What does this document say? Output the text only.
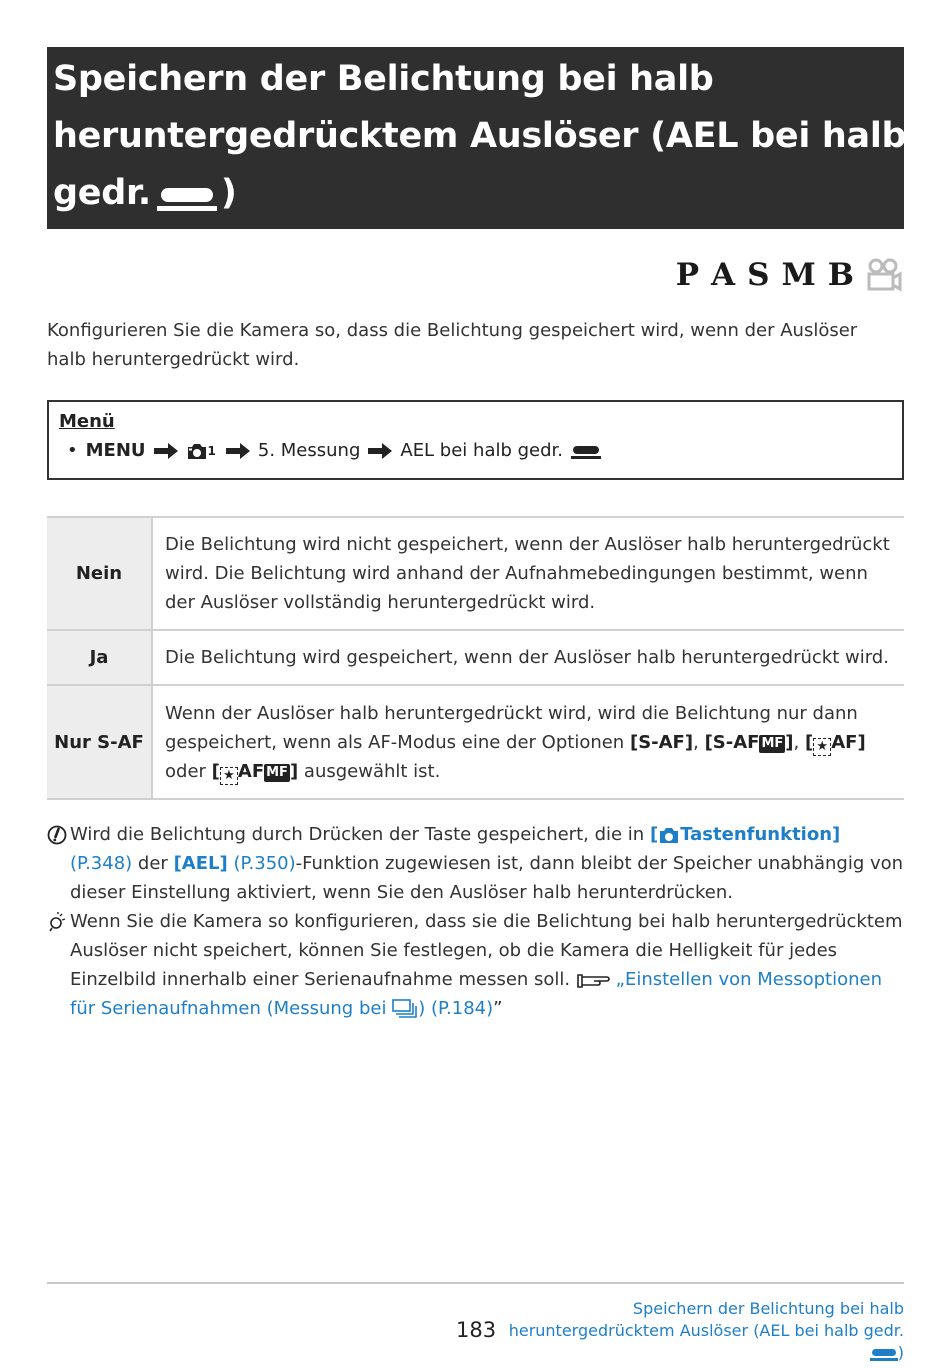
Speichern der Belichtung bei halb
heruntergedrücktem Auslöser (AEL bei halb
gedr. )
P A S M B
Konfigurieren Sie die Kamera so, dass die Belichtung gespeichert wird, wenn der Auslöser halb heruntergedrückt wird.
Menü
• MENU	1 5. Messung AEL bei halb gedr.
Nein	Die Belichtung wird nicht gespeichert, wenn der Auslöser halb heruntergedrückt wird. Die Belichtung wird anhand der Aufnahmebedingungen bestimmt, wenn der Auslöser vollständig heruntergedrückt wird.
Ja	Die Belichtung wird gespeichert, wenn der Auslöser halb heruntergedrückt wird.
Nur S-AF	Wenn der Auslöser halb heruntergedrückt wird, wird die Belichtung nur dann gespeichert, wenn als AF-Modus eine der Optionen [S-AF], [S-AF MF ], [ ★ AF] oder [ ★ AF MF ] ausgewählt ist.
Wird die Belichtung durch Drücken der Taste gespeichert, die in [ Tastenfunktion] (P.348) der [AEL] (P.350)-Funktion zugewiesen ist, dann bleibt der Speicher unabhängig von dieser Einstellung aktiviert, wenn Sie den Auslöser halb herunterdrücken.
Wenn Sie die Kamera so konfigurieren, dass sie die Belichtung bei halb heruntergedrücktem Auslöser nicht speichert, können Sie festlegen, ob die Kamera die Helligkeit für jedes Einzelbild innerhalb einer Serienaufnahme messen soll.	„Einstellen von Messoptionen für Serienaufnahmen (Messung bei ) (P.184)”
183
Speichern der Belichtung bei halb heruntergedrücktem Auslöser (AEL bei halb gedr.
)
